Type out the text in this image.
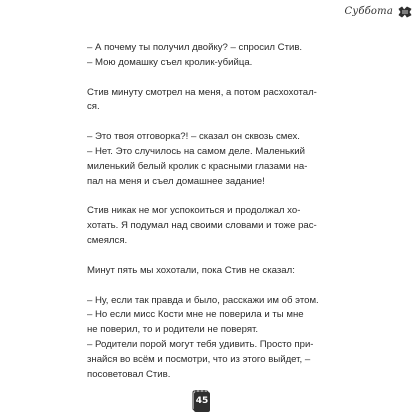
Суббота
– А почему ты получил двойку? – спросил Стив.
– Мою домашку съел кролик-убийца.
Стив минуту смотрел на меня, а потом расхохотал-
ся.
– Это твоя отговорка?! – сказал он сквозь смех.
– Нет. Это случилось на самом деле. Маленький
миленький белый кролик с красными глазами на-
пал на меня и съел домашнее задание!
Стив никак не мог успокоиться и продолжал хо-
хотать. Я подумал над своими словами и тоже рас-
смеялся.
Минут пять мы хохотали, пока Стив не сказал:
– Ну, если так правда и было, расскажи им об этом.
– Но если мисс Кости мне не поверила и ты мне
не поверил, то и родители не поверят.
– Родители порой могут тебя удивить. Просто при-
знайся во всём и посмотри, что из этого выйдет, –
посоветовал Стив.
45
